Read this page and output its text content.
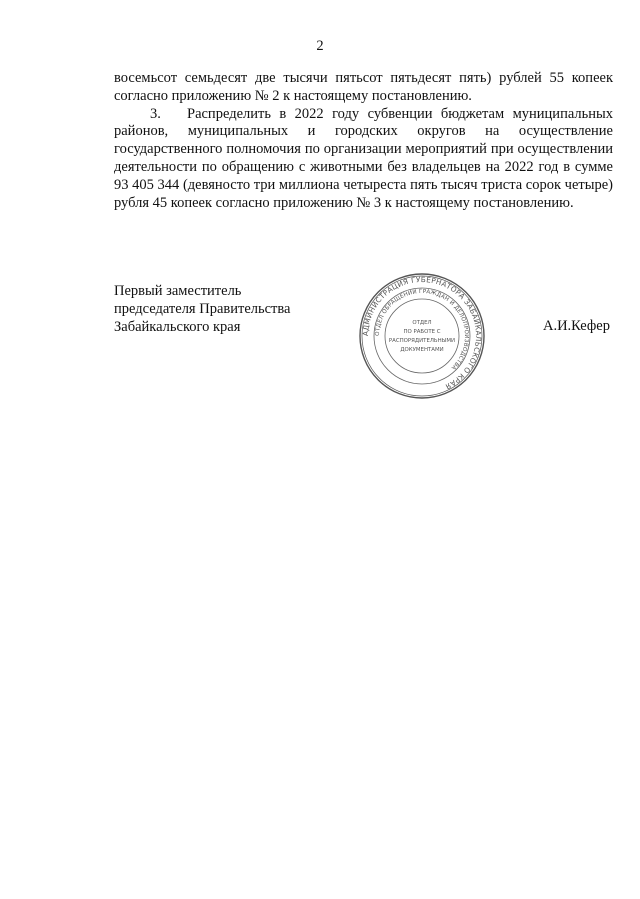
2

восемьсот семьдесят две тысячи пятьсот пятьдесят пять) рублей 55 копеек согласно приложению № 2 к настоящему постановлению.

3. Распределить в 2022 году субвенции бюджетам муниципальных районов, муниципальных и городских округов на осуществление государственного полномочия по организации мероприятий при осуществлении деятельности по обращению с животными без владельцев на 2022 год в сумме 93 405 344 (девяносто три миллиона четыреста пять тысяч триста сорок четыре) рубля 45 копеек согласно приложению № 3 к настоящему постановлению.

Первый заместитель
председателя Правительства
Забайкальского края	АДМИНИСТРАЦИЯ ГУБЕРНАТОРА ЗАБАЙКАЛЬСКОГО КРАЯ
ОТДЕЛ ОБРАЩЕНИЙ ГРАЖДАН И ДЕЛОПРОИЗВОДСТВА
ОТДЕЛ
ПО РАБОТЕ С
РАСПОРЯДИТЕЛЬНЫМИ
ДОКУМЕНТАМИ
А.И.Кефер
